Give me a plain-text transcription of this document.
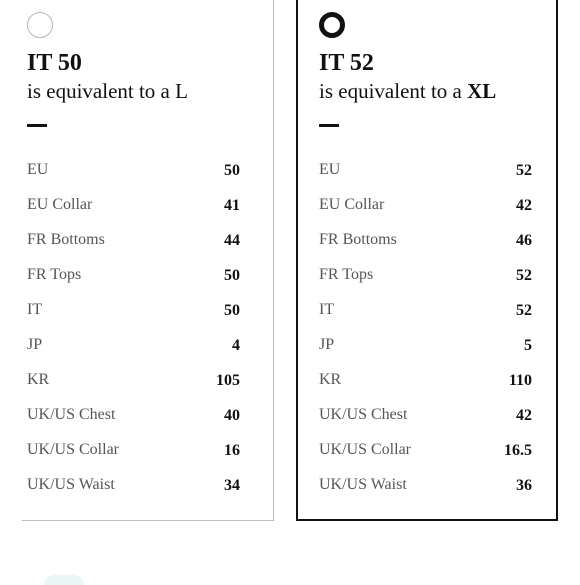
IT 50
is equivalent to a L
EU	50
EU Collar	41
FR Bottoms	44
FR Tops	50
IT	50
JP	4
KR	105
UK/US Chest	40
UK/US Collar	16
UK/US Waist	34
IT 52
is equivalent to a XL
EU	52
EU Collar	42
FR Bottoms	46
FR Tops	52
IT	52
JP	5
KR	110
UK/US Chest	42
UK/US Collar	16.5
UK/US Waist	36
